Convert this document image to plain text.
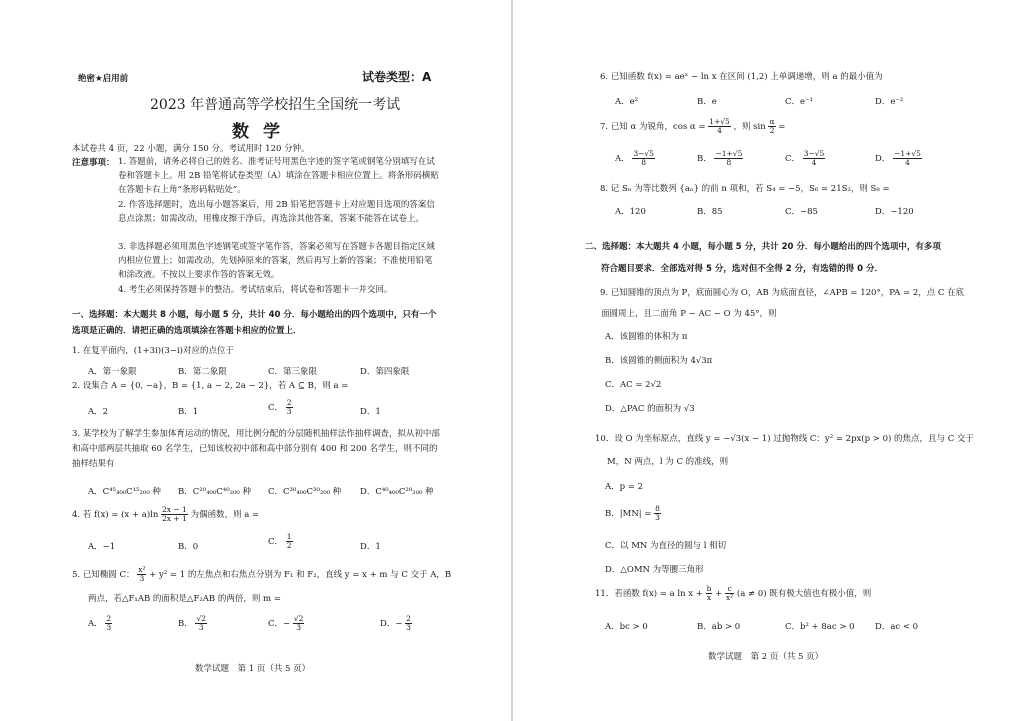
绝密★启用前	试卷类型：A
2023 年普通高等学校招生全国统一考试
数学
本试卷共 4 页，22 小题，满分 150 分。考试用时 120 分钟。
注意事项： 1. 答题前，请务必将自己的姓名、准考证号用黑色字迹的签字笔或钢笔分别填写在试卷和答题卡上。用 2B 铅笔将试卷类型（A）填涂在答题卡相应位置上。将条形码横贴在答题卡右上角“条形码粘贴处”。
2. 作答选择题时，选出每小题答案后，用 2B 铅笔把答题卡上对应题目选项的答案信息点涂黑；如需改动，用橡皮擦干净后，再选涂其他答案，答案不能答在试卷上。
3. 非选择题必须用黑色字迹钢笔或签字笔作答，答案必须写在答题卡各题目指定区域内相应位置上；如需改动，先划掉原来的答案，然后再写上新的答案；不准使用铅笔和涂改液。不按以上要求作答的答案无效。
4. 考生必须保持答题卡的整洁。考试结束后，将试卷和答题卡一并交回。
一、选择题：本大题共 8 小题，每小题 5 分，共计 40 分．每小题给出的四个选项中，只有一个选项是正确的．请把正确的选项填涂在答题卡相应的位置上．
1. 在复平面内，(1+3i)(3−i)对应的点位于
A．第一象限	B．第二象限	C．第三象限	D．第四象限
2. 设集合 A = {0, −a}，B = {1, a − 2, 2a − 2}，若 A ⊆ B，则 a =
A．2	B．1	C． $\frac{2}{3}$	D．1
3. 某学校为了解学生参加体育运动的情况，用比例分配的分层随机抽样法作抽样调查，拟从初中部和高中部两层共抽取 60 名学生，已知该校初中部和高中部分别有 400 和 200 名学生，则不同的抽样结果有
A．C⁴⁵₄₀₀C¹⁵₂₀₀ 种 B．C²⁰₄₀₀C⁴⁰₂₀₀ 种 C．C³⁰₄₀₀C³⁰₂₀₀ 种 D．C⁴⁰₄₀₀C²⁰₂₀₀ 种
4. 若 $f(x) = (x + a)\ln \frac{2x - 1}{2x + 1}$ 为偶函数，则 a =
A．−1	B．0	C． $\frac{1}{2}$	D．1
5. 已知椭圆 C： $\frac{\text{x²}}{3} + y^2 = 1$ 的左焦点和右焦点分别为 F₁ 和 F₂，直线 y = x + m 与 C 交于 A，B
两点，若△F₁AB 的面积是△F₂AB 的两倍，则 m =
A． $\frac{2}{3}$	B． $\frac{√2}{3}$	C．− $\frac{√2}{3}$	D．− $\frac{2}{3}$
数学试题　第 1 页（共 5 页）
6. 已知函数 f(x) = aeˣ − ln x 在区间 (1,2) 上单调递增，则 a 的最小值为
A．e²	B．e	C．e⁻¹	D．e⁻²
7. 已知 α 为锐角，$\cos \alpha = \frac{1+√5}{4}$ ，则 $\sin \frac{\alpha}{2}$ =
A． $\frac{3-√5}{8}$	B． $\frac{-1+√5}{8}$	C． $\frac{3-√5}{4}$	D． $\frac{-1+√5}{4}$
8. 记 Sₙ 为等比数列 {aₙ} 的前 n 项和，若 S₄ = −5，S₆ = 21S₂，则 S₈ =
A．120	B．85	C．−85	D．−120
二、选择题：本大题共 4 小题，每小题 5 分，共计 20 分．每小题给出的四个选项中，有多项
符合题目要求．全部选对得 5 分，选对但不全得 2 分，有选错的得 0 分．
9. 已知圆锥的顶点为 P，底面圆心为 O，AB 为底面直径，∠APB = 120°，PA = 2，点 C 在底
面圆周上，且二面角 P − AC − O 为 45°，则
A．该圆锥的体积为 π
B．该圆锥的侧面积为 4√3π
C．AC = 2√2
D．△PAC 的面积为 √3
10．设 O 为坐标原点，直线 y = −√3(x − 1) 过抛物线 C：y² = 2px(p > 0) 的焦点，且与 C 交于
M，N 两点，l 为 C 的准线，则
A．p = 2
B．$|MN| = \frac{8}{3}$
C．以 MN 为直径的圆与 l 相切
D．△OMN 为等腰三角形
11．若函数 f(x) = a $\ln x + \frac{b}{x} + \frac{c}{\text{x²}} (a \ne 0)$ 既有极大值也有极小值，则
A．bc > 0	B．ab > 0	C．b² + 8ac > 0 D．ac < 0
数学试题　第 2 页（共 5 页）
